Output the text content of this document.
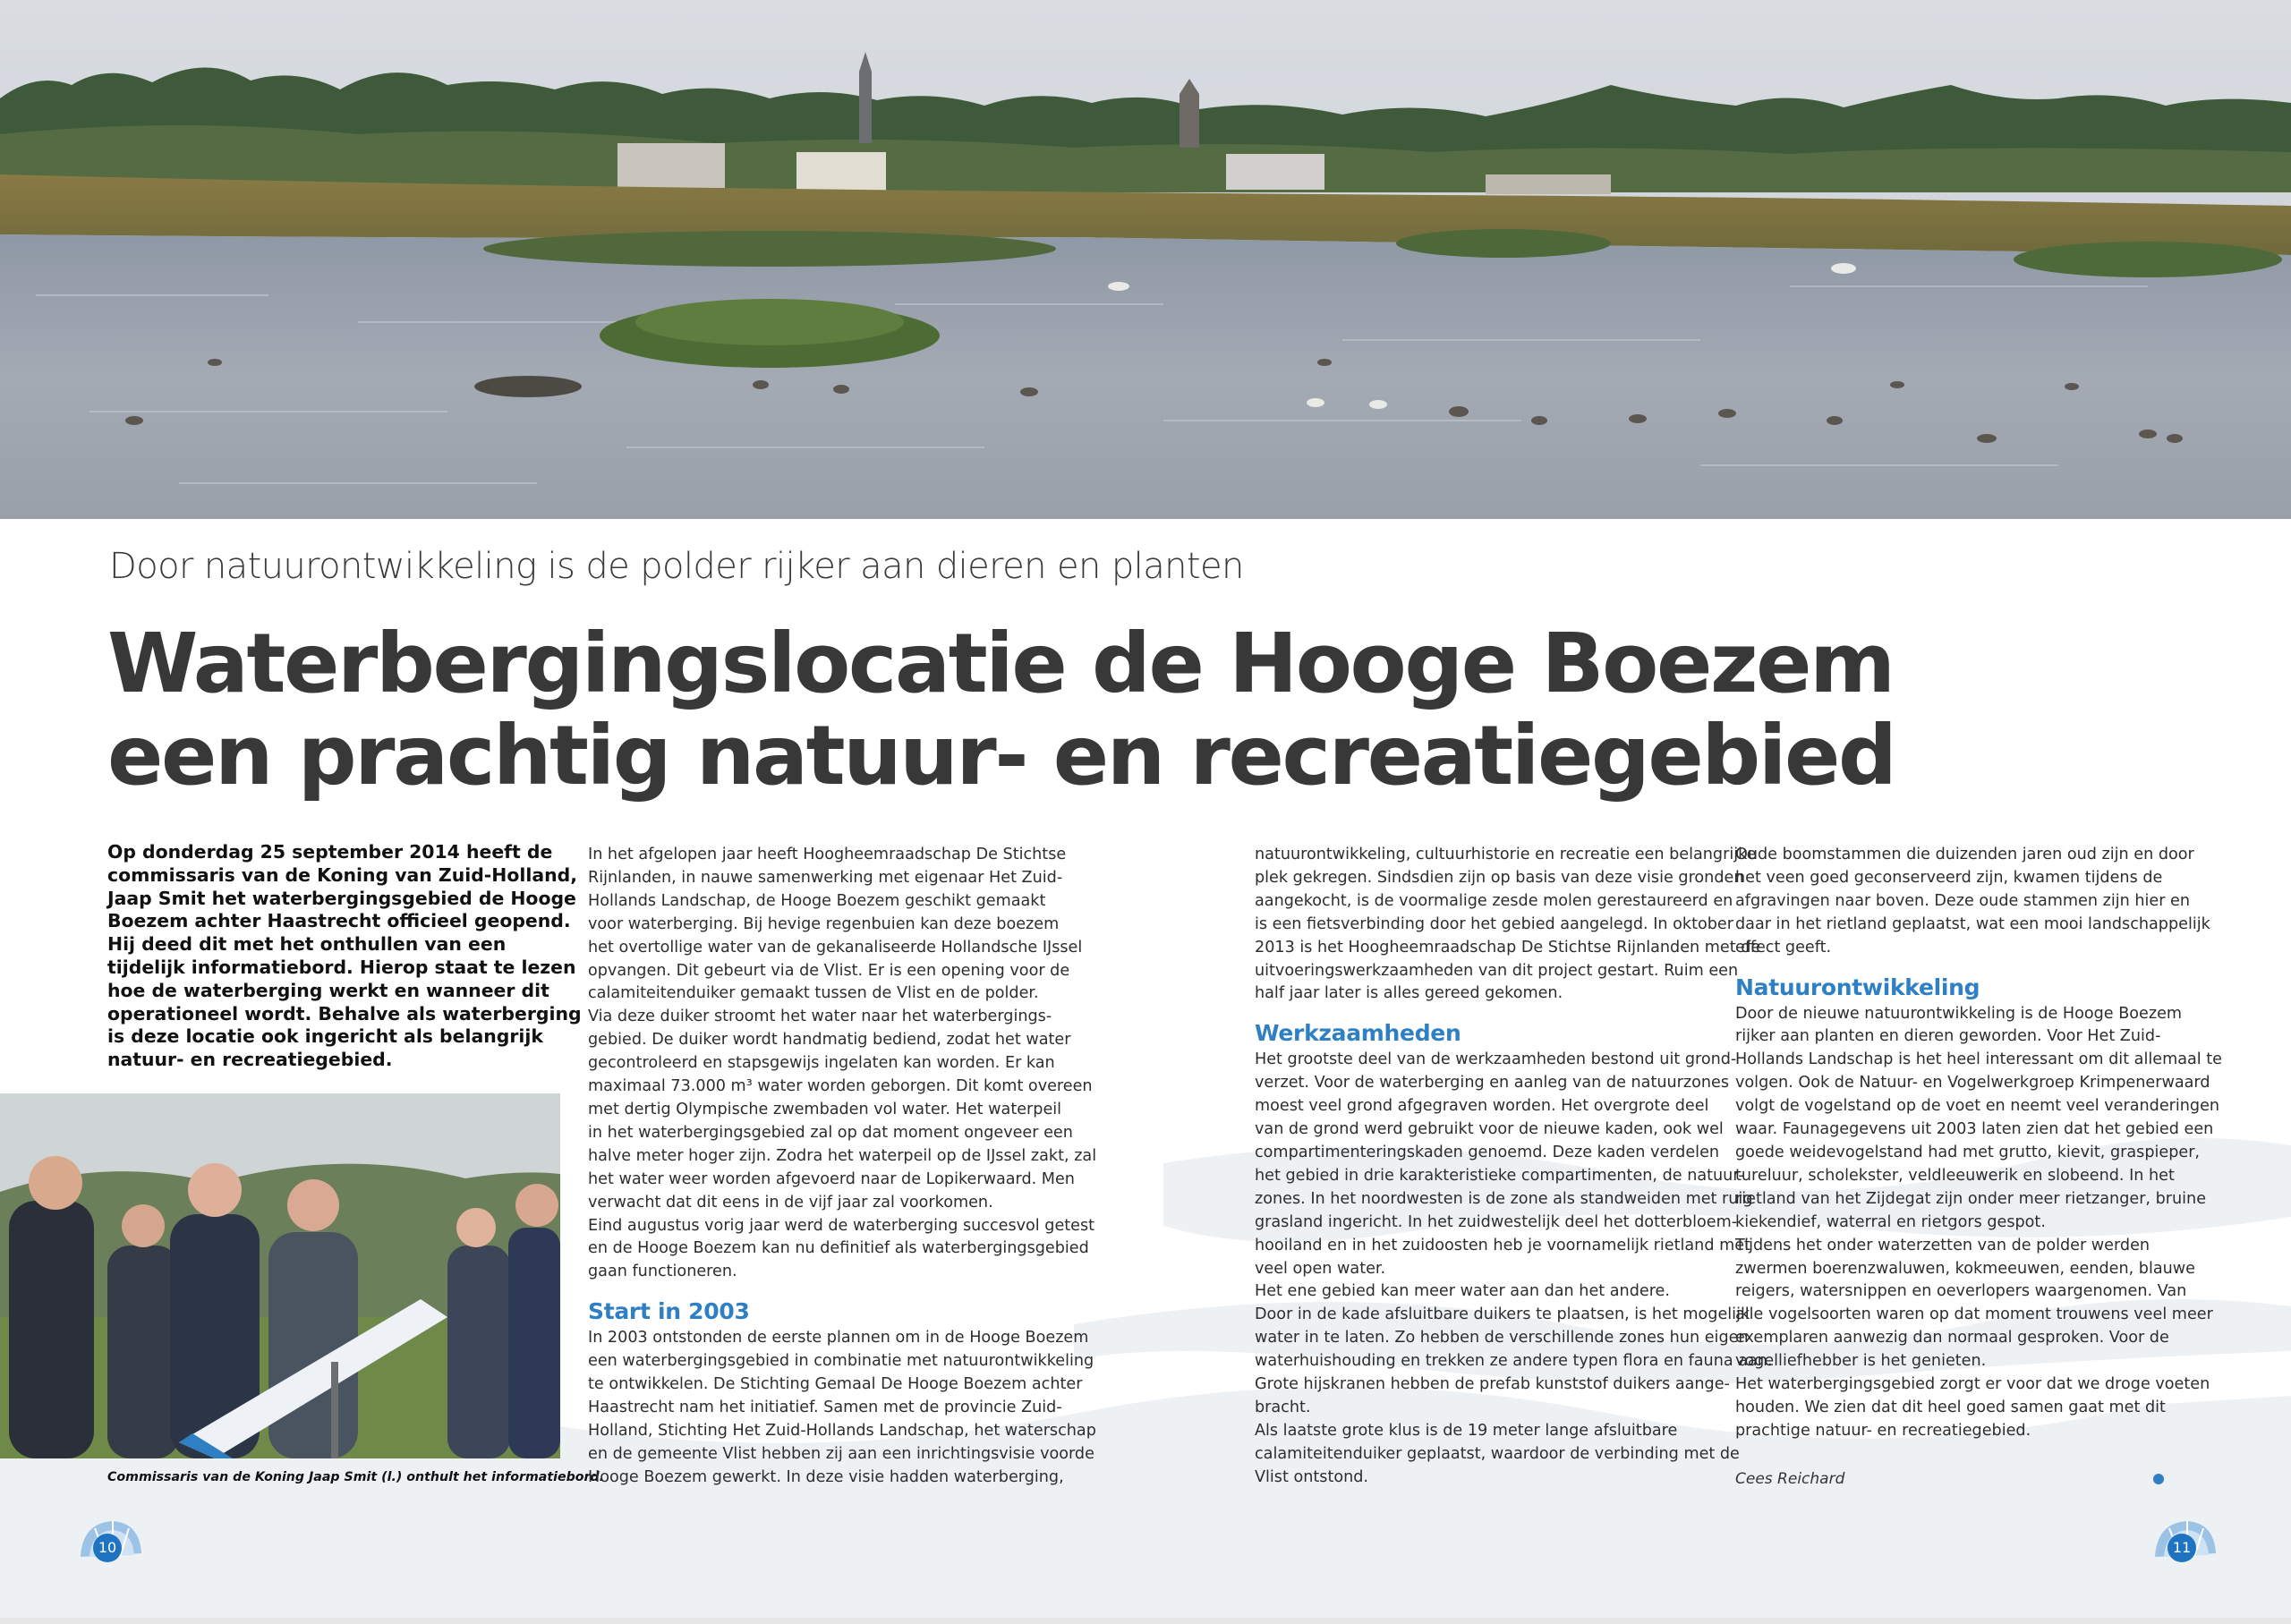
Door natuurontwikkeling is de polder rijker aan dieren en planten
Waterbergingslocatie de Hooge Boezem
een prachtig natuur- en recreatiegebied

Op donderdag 25 september 2014 heeft de

commissaris van de Koning van Zuid-Holland,

Jaap Smit het waterbergingsgebied de Hooge

Boezem achter Haastrecht officieel geopend.

Hij deed dit met het onthullen van een

tijdelijk informatiebord. Hierop staat te lezen

hoe de waterberging werkt en wanneer dit

operationeel wordt. Behalve als waterberging

is deze locatie ook ingericht als belangrijk

natuur- en recreatiegebied.

Commissaris van de Koning Jaap Smit (l.) onthult het informatiebord.

In het afgelopen jaar heeft Hoogheemraadschap De Stichtse

Rijnlanden, in nauwe samenwerking met eigenaar Het Zuid-

Hollands Landschap, de Hooge Boezem geschikt gemaakt

voor waterberging. Bij hevige regenbuien kan deze boezem

het overtollige water van de gekanaliseerde Hollandsche IJssel

opvangen. Dit gebeurt via de Vlist. Er is een opening voor de

calamiteitenduiker gemaakt tussen de Vlist en de polder.

Via deze duiker stroomt het water naar het waterbergings-

gebied. De duiker wordt handmatig bediend, zodat het water

gecontroleerd en stapsgewijs ingelaten kan worden. Er kan

maximaal 73.000 m³ water worden geborgen. Dit komt overeen

met dertig Olympische zwembaden vol water. Het waterpeil

in het waterbergingsgebied zal op dat moment ongeveer een

halve meter hoger zijn. Zodra het waterpeil op de IJssel zakt, zal

het water weer worden afgevoerd naar de Lopikerwaard. Men

verwacht dat dit eens in de vijf jaar zal voorkomen.

Eind augustus vorig jaar werd de waterberging succesvol getest

en de Hooge Boezem kan nu definitief als waterbergingsgebied

gaan functioneren.

Start in 2003

In 2003 ontstonden de eerste plannen om in de Hooge Boezem

een waterbergingsgebied in combinatie met natuurontwikkeling

te ontwikkelen. De Stichting Gemaal De Hooge Boezem achter

Haastrecht nam het initiatief. Samen met de provincie Zuid-

Holland, Stichting Het Zuid-Hollands Landschap, het waterschap

en de gemeente Vlist hebben zij aan een inrichtingsvisie voorde

Hooge Boezem gewerkt. In deze visie hadden waterberging,

natuurontwikkeling, cultuurhistorie en recreatie een belangrijke

plek gekregen. Sindsdien zijn op basis van deze visie gronden

aangekocht, is de voormalige zesde molen gerestaureerd en

is een fietsverbinding door het gebied aangelegd. In oktober

2013 is het Hoogheemraadschap De Stichtse Rijnlanden met de

uitvoeringswerkzaamheden van dit project gestart. Ruim een

half jaar later is alles gereed gekomen.

Werkzaamheden

Het grootste deel van de werkzaamheden bestond uit grond-

verzet. Voor de waterberging en aanleg van de natuurzones

moest veel grond afgegraven worden. Het overgrote deel

van de grond werd gebruikt voor de nieuwe kaden, ook wel

compartimenteringskaden genoemd. Deze kaden verdelen

het gebied in drie karakteristieke compartimenten, de natuur-

zones. In het noordwesten is de zone als standweiden met ruig

grasland ingericht. In het zuidwestelijk deel het dotterbloem-

hooiland en in het zuidoosten heb je voornamelijk rietland met

veel open water.

Het ene gebied kan meer water aan dan het andere.

Door in de kade afsluitbare duikers te plaatsen, is het mogelijk

water in te laten. Zo hebben de verschillende zones hun eigen

waterhuishouding en trekken ze andere typen flora en fauna aan.

Grote hijskranen hebben de prefab kunststof duikers aange-

bracht.

Als laatste grote klus is de 19 meter lange afsluitbare

calamiteitenduiker geplaatst, waardoor de verbinding met de

Vlist ontstond.

Oude boomstammen die duizenden jaren oud zijn en door

het veen goed geconserveerd zijn, kwamen tijdens de

afgravingen naar boven. Deze oude stammen zijn hier en

daar in het rietland geplaatst, wat een mooi landschappelijk

effect geeft.

Natuurontwikkeling

Door de nieuwe natuurontwikkeling is de Hooge Boezem

rijker aan planten en dieren geworden. Voor Het Zuid-

Hollands Landschap is het heel interessant om dit allemaal te

volgen. Ook de Natuur- en Vogelwerkgroep Krimpenerwaard

volgt de vogelstand op de voet en neemt veel veranderingen

waar. Faunagegevens uit 2003 laten zien dat het gebied een

goede weidevogelstand had met grutto, kievit, graspieper,

tureluur, scholekster, veldleeuwerik en slobeend. In het

rietland van het Zijdegat zijn onder meer rietzanger, bruine

kiekendief, waterral en rietgors gespot.

Tijdens het onder waterzetten van de polder werden

zwermen boerenzwaluwen, kokmeeuwen, eenden, blauwe

reigers, watersnippen en oeverlopers waargenomen. Van

alle vogelsoorten waren op dat moment trouwens veel meer

exemplaren aanwezig dan normaal gesproken. Voor de

vogelliefhebber is het genieten.

Het waterbergingsgebied zorgt er voor dat we droge voeten

houden. We zien dat dit heel goed samen gaat met dit

prachtige natuur- en recreatiegebied.

Cees Reichard
10	11
